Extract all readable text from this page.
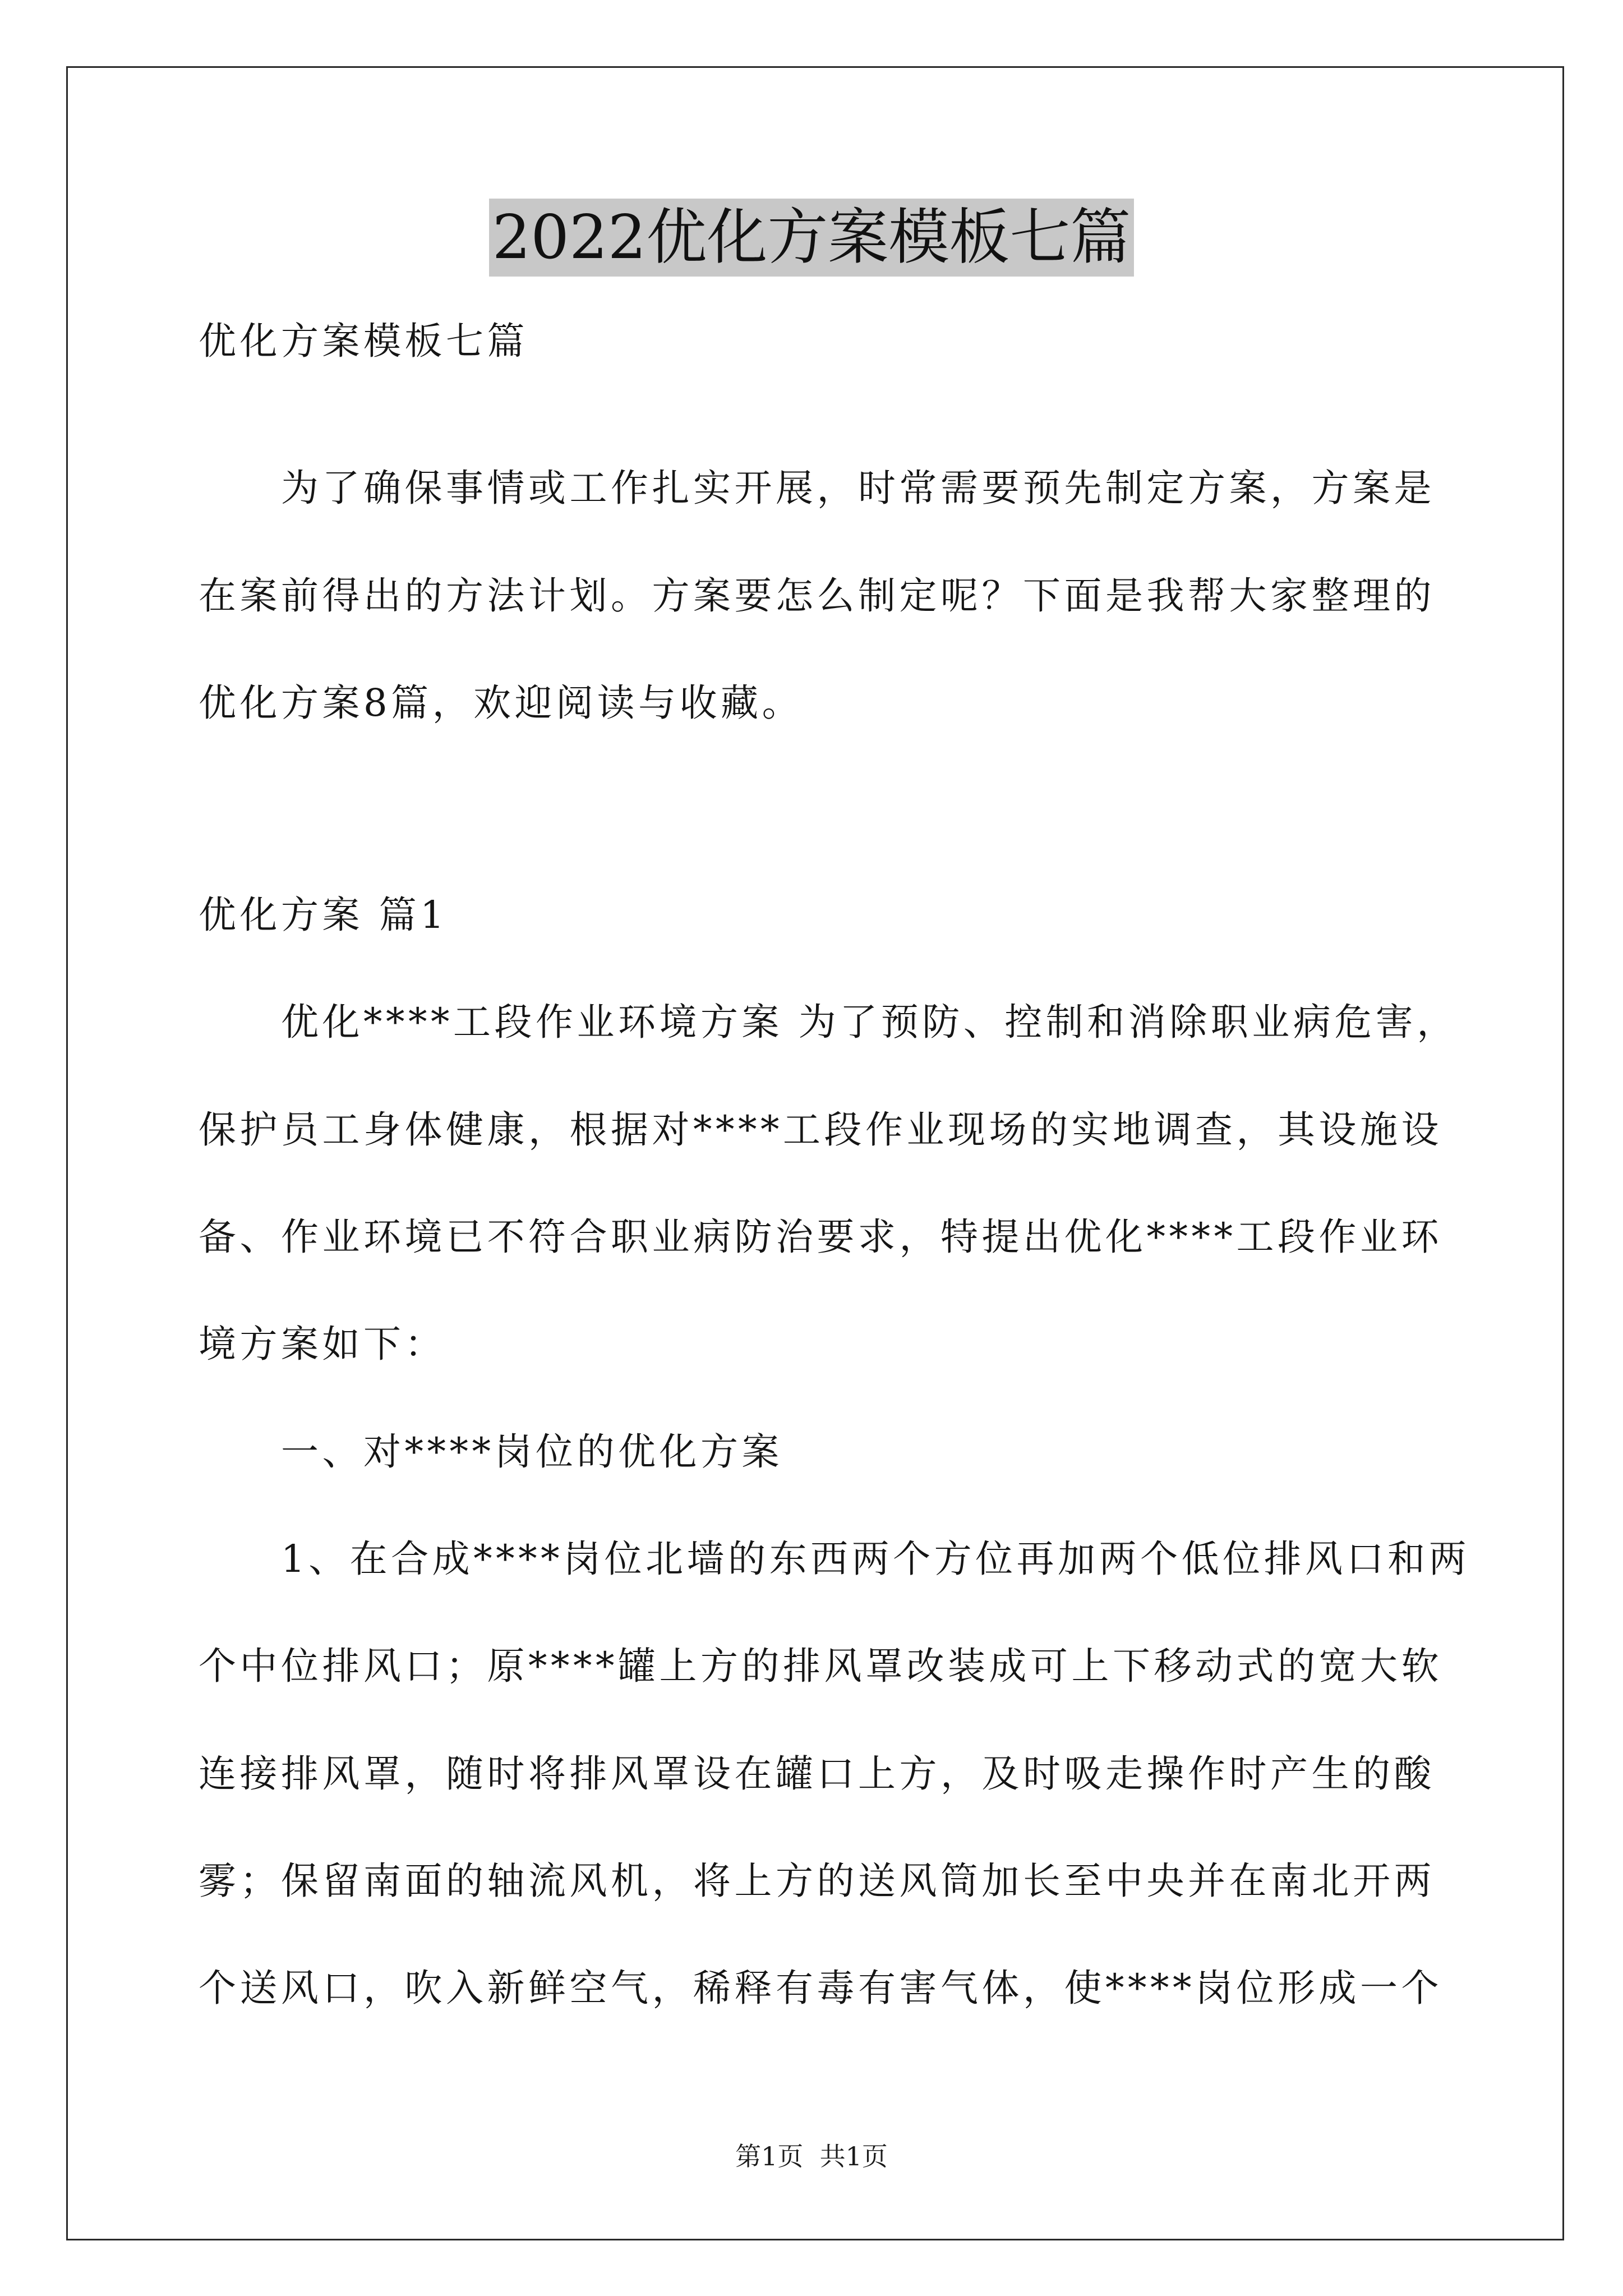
2022优化方案模板七篇
优化方案模板七篇
为了确保事情或工作扎实开展，时常需要预先制定方案，方案是
在案前得出的方法计划。方案要怎么制定呢？下面是我帮大家整理的
优化方案8篇，欢迎阅读与收藏。
优化方案 篇1
优化****工段作业环境方案 为了预防、控制和消除职业病危害，
保护员工身体健康，根据对****工段作业现场的实地调查，其设施设
备、作业环境已不符合职业病防治要求，特提出优化****工段作业环
境方案如下：
一、对****岗位的优化方案
1、在合成****岗位北墙的东西两个方位再加两个低位排风口和两
个中位排风口；原****罐上方的排风罩改装成可上下移动式的宽大软
连接排风罩，随时将排风罩设在罐口上方，及时吸走操作时产生的酸
雾；保留南面的轴流风机，将上方的送风筒加长至中央并在南北开两
个送风口，吹入新鲜空气，稀释有毒有害气体，使****岗位形成一个
第1页  共1页
